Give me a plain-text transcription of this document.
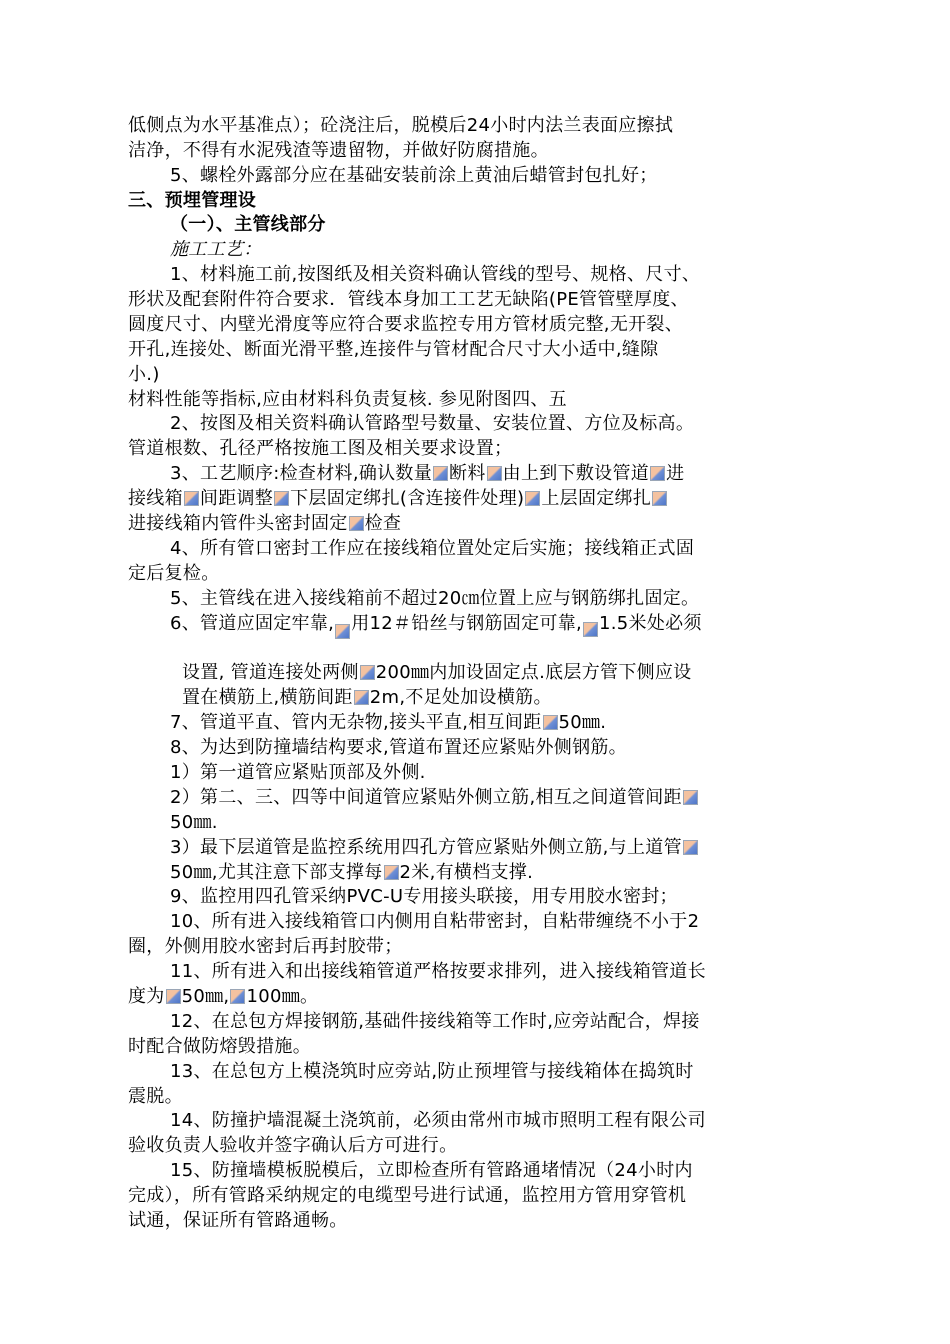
低侧点为水平基准点）；砼浇注后，脱模后24小时内法兰表面应擦拭
洁净，不得有水泥残渣等遗留物，并做好防腐措施。
5、螺栓外露部分应在基础安装前涂上黄油后蜡管封包扎好；
三、预埋管理设
（一）、主管线部分
施工工艺：
1、材料施工前,按图纸及相关资料确认管线的型号、规格、尺寸、
形状及配套附件符合要求．管线本身加工工艺无缺陷(PE管管壁厚度、
圆度尺寸、内壁光滑度等应符合要求监控专用方管材质完整,无开裂、
开孔,连接处、断面光滑平整,连接件与管材配合尺寸大小适中,缝隙
小.)
材料性能等指标,应由材料科负责复核. 参见附图四、五
2、按图及相关资料确认管路型号数量、安装位置、方位及标高。
管道根数、孔径严格按施工图及相关要求设置；
3、工艺顺序:检查材料,确认数量 断料 由上到下敷设管道 进
接线箱 间距调整 下层固定绑扎(含连接件处理) 上层固定绑扎
进接线箱内管件头密封固定 检查
4、所有管口密封工作应在接线箱位置处定后实施；接线箱正式固
定后复检。
5、主管线在进入接线箱前不超过20㎝位置上应与钢筋绑扎固定。
6、管道应固定牢靠, 用12＃铅丝与钢筋固定可靠, 1.5米处必须
设置, 管道连接处两侧 200㎜内加设固定点.底层方管下侧应设
置在横筋上,横筋间距 2m,不足处加设横筋。
7、管道平直、管内无杂物,接头平直,相互间距 50㎜.
8、为达到防撞墙结构要求,管道布置还应紧贴外侧钢筋。
1）第一道管应紧贴顶部及外侧.
2）第二、三、四等中间道管应紧贴外侧立筋,相互之间道管间距
50㎜.
3）最下层道管是监控系统用四孔方管应紧贴外侧立筋,与上道管
50㎜,尤其注意下部支撑每 2米,有横档支撑.
9、监控用四孔管采纳PVC-U专用接头联接，用专用胶水密封；
10、所有进入接线箱管口内侧用自粘带密封，自粘带缠绕不小于2
圈，外侧用胶水密封后再封胶带；
11、所有进入和出接线箱管道严格按要求排列，进入接线箱管道长
度为 50㎜, 100㎜。
12、在总包方焊接钢筋,基础件接线箱等工作时,应旁站配合，焊接
时配合做防熔毁措施。
13、在总包方上模浇筑时应旁站,防止预埋管与接线箱体在捣筑时
震脱。
14、防撞护墙混凝土浇筑前，必须由常州市城市照明工程有限公司
验收负责人验收并签字确认后方可进行。
15、防撞墙模板脱模后，立即检查所有管路通堵情况（24小时内
完成），所有管路采纳规定的电缆型号进行试通，监控用方管用穿管机
试通，保证所有管路通畅。
